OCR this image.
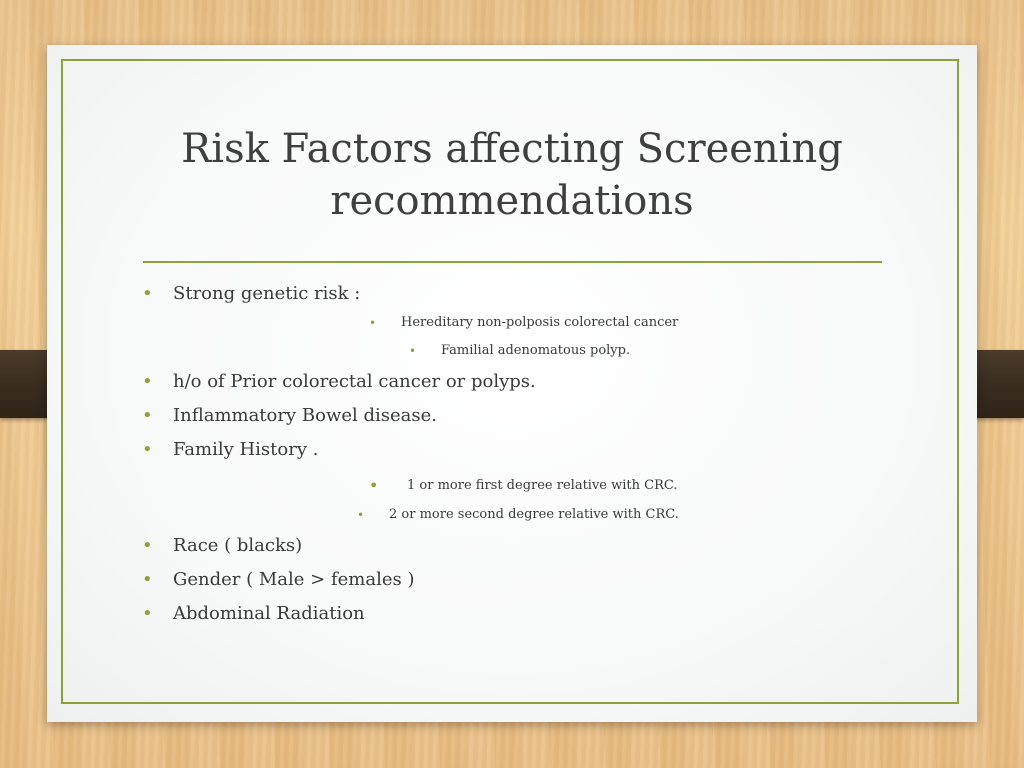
Risk Factors affecting Screening
recommendations
• Strong genetic risk :
• Hereditary non-polposis colorectal cancer
• Familial adenomatous polyp.
• h/o of Prior colorectal cancer or polyps.
• Inflammatory Bowel disease.
• Family History .
• 1 or more first degree relative with CRC.
• 2 or more second degree relative with CRC.
• Race ( blacks)
• Gender ( Male > females )
• Abdominal Radiation
